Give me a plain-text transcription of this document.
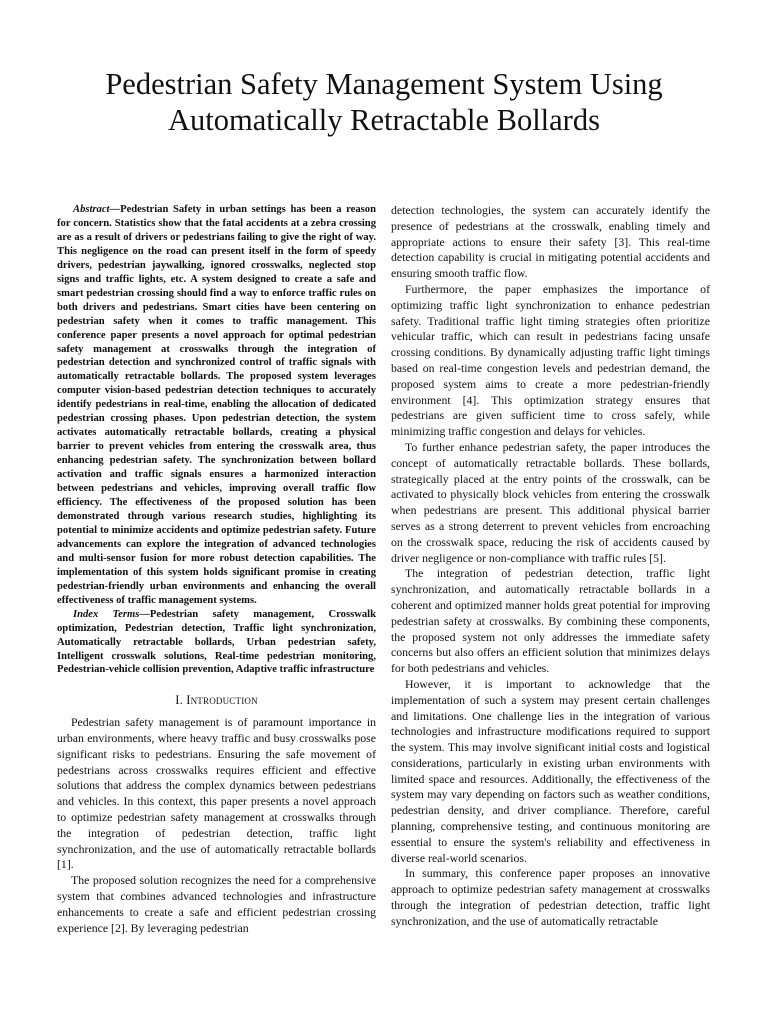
Pedestrian Safety Management System Using Automatically Retractable Bollards

Abstract—Pedestrian Safety in urban settings has been a reason for concern. Statistics show that the fatal accidents at a zebra crossing are as a result of drivers or pedestrians failing to give the right of way. This negligence on the road can present itself in the form of speedy drivers, pedestrian jaywalking, ignored crosswalks, neglected stop signs and traffic lights, etc. A system designed to create a safe and smart pedestrian crossing should find a way to enforce traffic rules on both drivers and pedestrians. Smart cities have been centering on pedestrian safety when it comes to traffic management. This conference paper presents a novel approach for optimal pedestrian safety management at crosswalks through the integration of pedestrian detection and synchronized control of traffic signals with automatically retractable bollards. The proposed system leverages computer vision-based pedestrian detection techniques to accurately identify pedestrians in real-time, enabling the allocation of dedicated pedestrian crossing phases. Upon pedestrian detection, the system activates automatically retractable bollards, creating a physical barrier to prevent vehicles from entering the crosswalk area, thus enhancing pedestrian safety. The synchronization between bollard activation and traffic signals ensures a harmonized interaction between pedestrians and vehicles, improving overall traffic flow efficiency. The effectiveness of the proposed solution has been demonstrated through various research studies, highlighting its potential to minimize accidents and optimize pedestrian safety. Future advancements can explore the integration of advanced technologies and multi-sensor fusion for more robust detection capabilities. The implementation of this system holds significant promise in creating pedestrian-friendly urban environments and enhancing the overall effectiveness of traffic management systems.

Index Terms—Pedestrian safety management, Crosswalk optimization, Pedestrian detection, Traffic light synchronization, Automatically retractable bollards, Urban pedestrian safety, Intelligent crosswalk solutions, Real-time pedestrian monitoring, Pedestrian-vehicle collision prevention, Adaptive traffic infrastructure

I. Introduction

Pedestrian safety management is of paramount importance in urban environments, where heavy traffic and busy crosswalks pose significant risks to pedestrians. Ensuring the safe movement of pedestrians across crosswalks requires efficient and effective solutions that address the complex dynamics between pedestrians and vehicles. In this context, this paper presents a novel approach to optimize pedestrian safety management at crosswalks through the integration of pedestrian detection, traffic light synchronization, and the use of automatically retractable bollards [1].

The proposed solution recognizes the need for a comprehensive system that combines advanced technologies and infrastructure enhancements to create a safe and efficient pedestrian crossing experience [2]. By leveraging pedestrian

detection technologies, the system can accurately identify the presence of pedestrians at the crosswalk, enabling timely and appropriate actions to ensure their safety [3]. This real-time detection capability is crucial in mitigating potential accidents and ensuring smooth traffic flow.

Furthermore, the paper emphasizes the importance of optimizing traffic light synchronization to enhance pedestrian safety. Traditional traffic light timing strategies often prioritize vehicular traffic, which can result in pedestrians facing unsafe crossing conditions. By dynamically adjusting traffic light timings based on real-time congestion levels and pedestrian demand, the proposed system aims to create a more pedestrian-friendly environment [4]. This optimization strategy ensures that pedestrians are given sufficient time to cross safely, while minimizing traffic congestion and delays for vehicles.

To further enhance pedestrian safety, the paper introduces the concept of automatically retractable bollards. These bollards, strategically placed at the entry points of the crosswalk, can be activated to physically block vehicles from entering the crosswalk when pedestrians are present. This additional physical barrier serves as a strong deterrent to prevent vehicles from encroaching on the crosswalk space, reducing the risk of accidents caused by driver negligence or non-compliance with traffic rules [5].

The integration of pedestrian detection, traffic light synchronization, and automatically retractable bollards in a coherent and optimized manner holds great potential for improving pedestrian safety at crosswalks. By combining these components, the proposed system not only addresses the immediate safety concerns but also offers an efficient solution that minimizes delays for both pedestrians and vehicles.

However, it is important to acknowledge that the implementation of such a system may present certain challenges and limitations. One challenge lies in the integration of various technologies and infrastructure modifications required to support the system. This may involve significant initial costs and logistical considerations, particularly in existing urban environments with limited space and resources. Additionally, the effectiveness of the system may vary depending on factors such as weather conditions, pedestrian density, and driver compliance. Therefore, careful planning, comprehensive testing, and continuous monitoring are essential to ensure the system's reliability and effectiveness in diverse real-world scenarios.

In summary, this conference paper proposes an innovative approach to optimize pedestrian safety management at crosswalks through the integration of pedestrian detection, traffic light synchronization, and the use of automatically retractable
